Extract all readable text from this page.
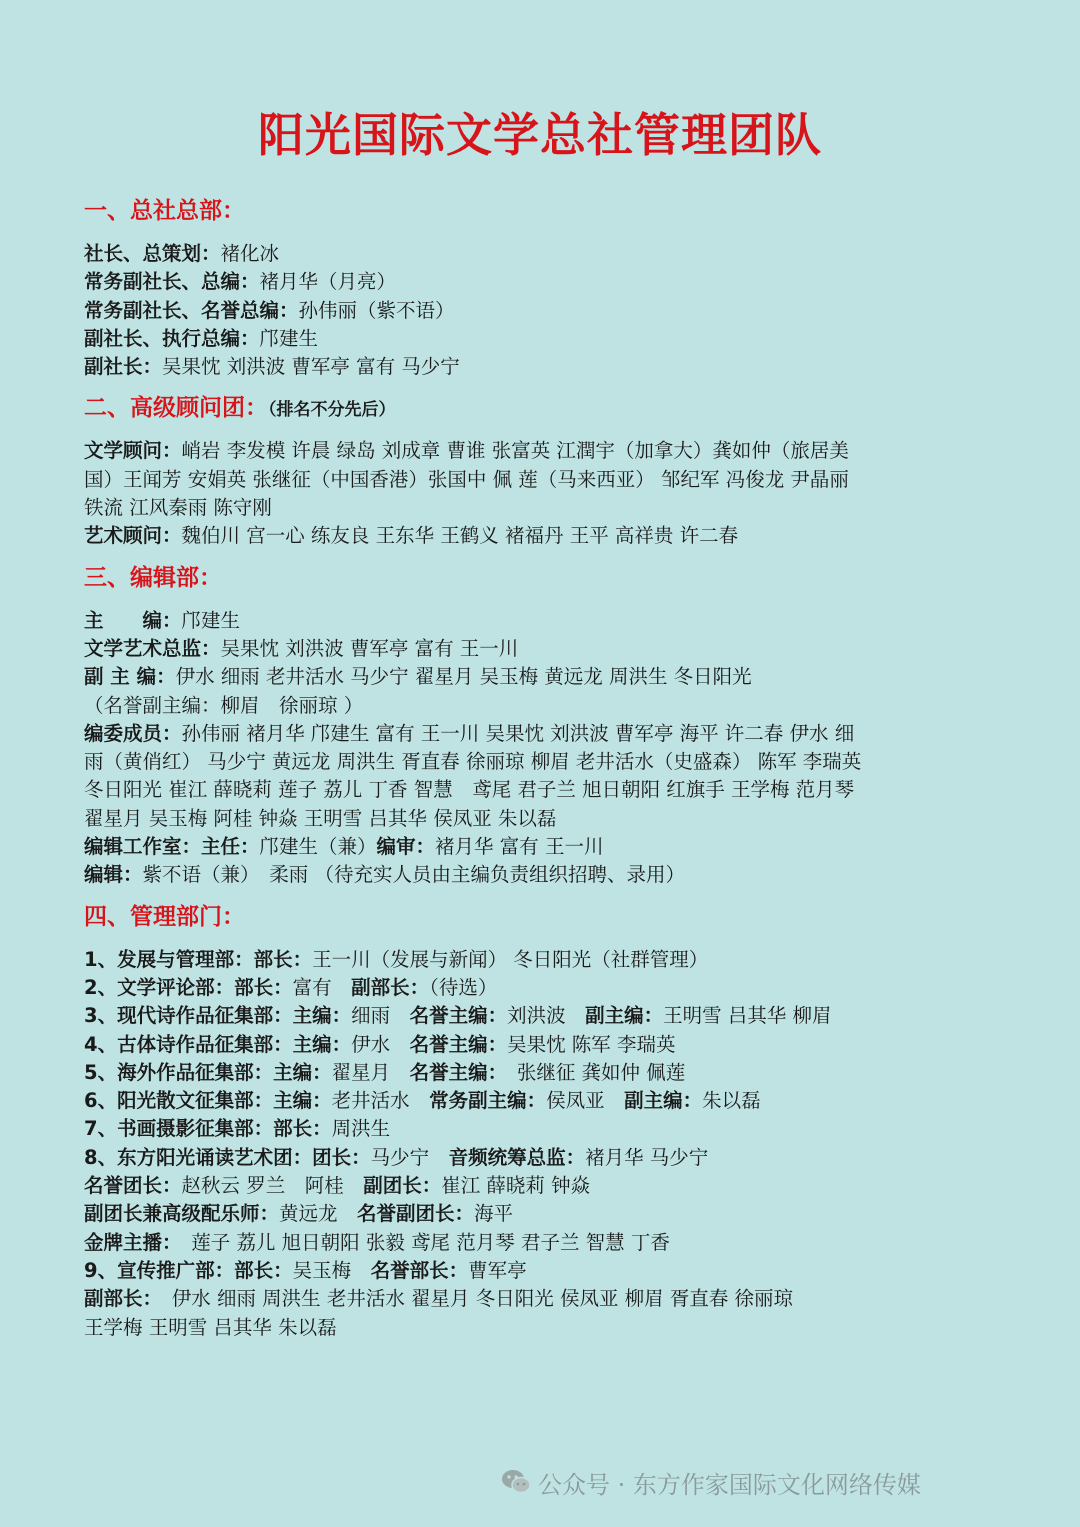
阳光国际文学总社管理团队
一、总社总部：
社长、总策划：褚化冰
常务副社长、总编：褚月华（月亮）
常务副社长、名誉总编：孙伟丽（紫不语）
副社长、执行总编：邝建生
副社长：吴果忱 刘洪波 曹军亭 富有 马少宁
二、高级顾问团：（排名不分先后）
文学顾问：峭岩 李发模 许晨 绿岛 刘成章 曹谁 张富英 江潤宇（加拿大）龚如仲（旅居美
国）王闻芳 安娟英 张继征（中国香港）张国中 佩 莲（马来西亚） 邹纪军 冯俊龙 尹晶丽
铁流 江风秦雨 陈守刚
艺术顾问：魏伯川 宫一心 练友良 王东华 王鹤义 褚福丹 王平 高祥贵 许二春
三、编辑部：
主　　编：邝建生
文学艺术总监：吴果忱 刘洪波 曹军亭 富有 王一川
副 主 编：伊水 细雨 老井活水 马少宁 翟星月 吴玉梅 黄远龙 周洪生 冬日阳光
（名誉副主编：柳眉　徐丽琼 ）
编委成员：孙伟丽 褚月华 邝建生 富有 王一川 吴果忱 刘洪波 曹军亭 海平 许二春 伊水 细
雨（黄俏红） 马少宁 黄远龙 周洪生 胥直春 徐丽琼 柳眉 老井活水（史盛森） 陈军 李瑞英
冬日阳光 崔江 薛晓莉 莲子 荔儿 丁香 智慧　鸢尾 君子兰 旭日朝阳 红旗手 王学梅 范月琴
翟星月 吴玉梅 阿桂 钟焱 王明雪 吕其华 侯凤亚 朱以磊
编辑工作室：主任：邝建生（兼）编审：褚月华 富有 王一川
编辑：紫不语（兼）　柔雨 （待充实人员由主编负责组织招聘、录用）
四、管理部门：
1、发展与管理部：部长：王一川（发展与新闻） 冬日阳光（社群管理）
2、文学评论部：部长：富有　副部长：（待选）
3、现代诗作品征集部：主编：细雨　名誉主编：刘洪波　副主编：王明雪 吕其华 柳眉
4、古体诗作品征集部：主编：伊水　名誉主编：吴果忱 陈军 李瑞英
5、海外作品征集部：主编：翟星月　名誉主编：　张继征 龚如仲 佩莲
6、阳光散文征集部：主编：老井活水　常务副主编：侯凤亚　副主编：朱以磊
7、书画摄影征集部：部长：周洪生
8、东方阳光诵读艺术团：团长：马少宁　音频统筹总监：褚月华 马少宁
名誉团长：赵秋云 罗兰　阿桂　副团长：崔江 薛晓莉 钟焱
副团长兼高级配乐师：黄远龙　名誉副团长：海平
金牌主播：　莲子 荔儿 旭日朝阳 张毅 鸢尾 范月琴 君子兰 智慧 丁香
9、宣传推广部：部长：吴玉梅　名誉部长：曹军亭
副部长：　伊水 细雨 周洪生 老井活水 翟星月 冬日阳光 侯凤亚 柳眉 胥直春 徐丽琼
王学梅 王明雪 吕其华 朱以磊
公众号 · 东方作家国际文化网络传媒
